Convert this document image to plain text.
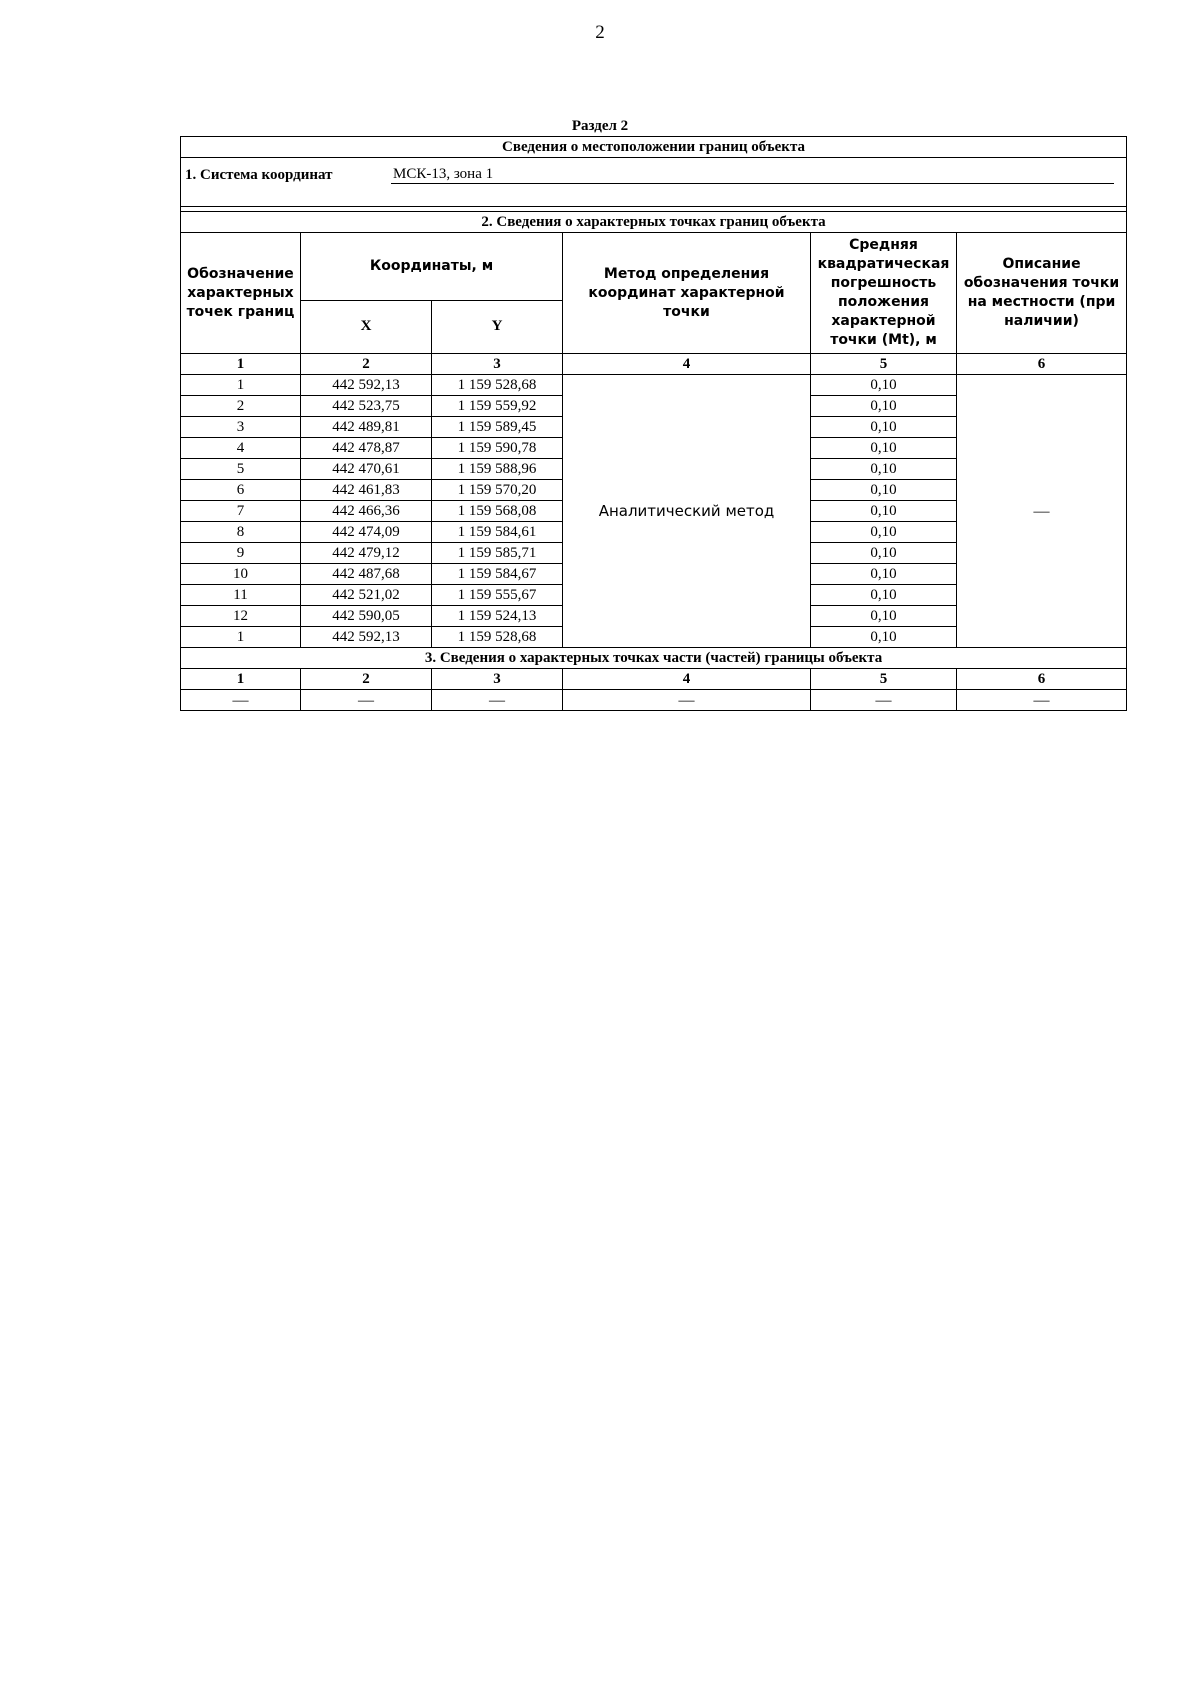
2
Раздел 2
Сведения о местоположении границ объекта					

1. Система координат МСК-13, зона 1					

2. Сведения о характерных точках границ объекта					
Обозначение характерных точек границ	Координаты, м		Метод определения координат характерной точки	Средняя квадратическая погрешность положения характерной точки (Mt), м	Описание обозначения точки на местности (при наличии)
	X	Y			
1	2	3	4	5	6
1	442 592,13	1 159 528,68	Аналитический метод	0,10	—
2	442 523,75	1 159 559,92		0,10	
3	442 489,81	1 159 589,45		0,10	
4	442 478,87	1 159 590,78		0,10	
5	442 470,61	1 159 588,96		0,10	
6	442 461,83	1 159 570,20		0,10	
7	442 466,36	1 159 568,08		0,10	
8	442 474,09	1 159 584,61		0,10	
9	442 479,12	1 159 585,71		0,10	
10	442 487,68	1 159 584,67		0,10	
11	442 521,02	1 159 555,67		0,10	
12	442 590,05	1 159 524,13		0,10	
1	442 592,13	1 159 528,68		0,10	
3. Сведения о характерных точках части (частей) границы объекта					
1	2	3	4	5	6
—	—	—	—	—	—
